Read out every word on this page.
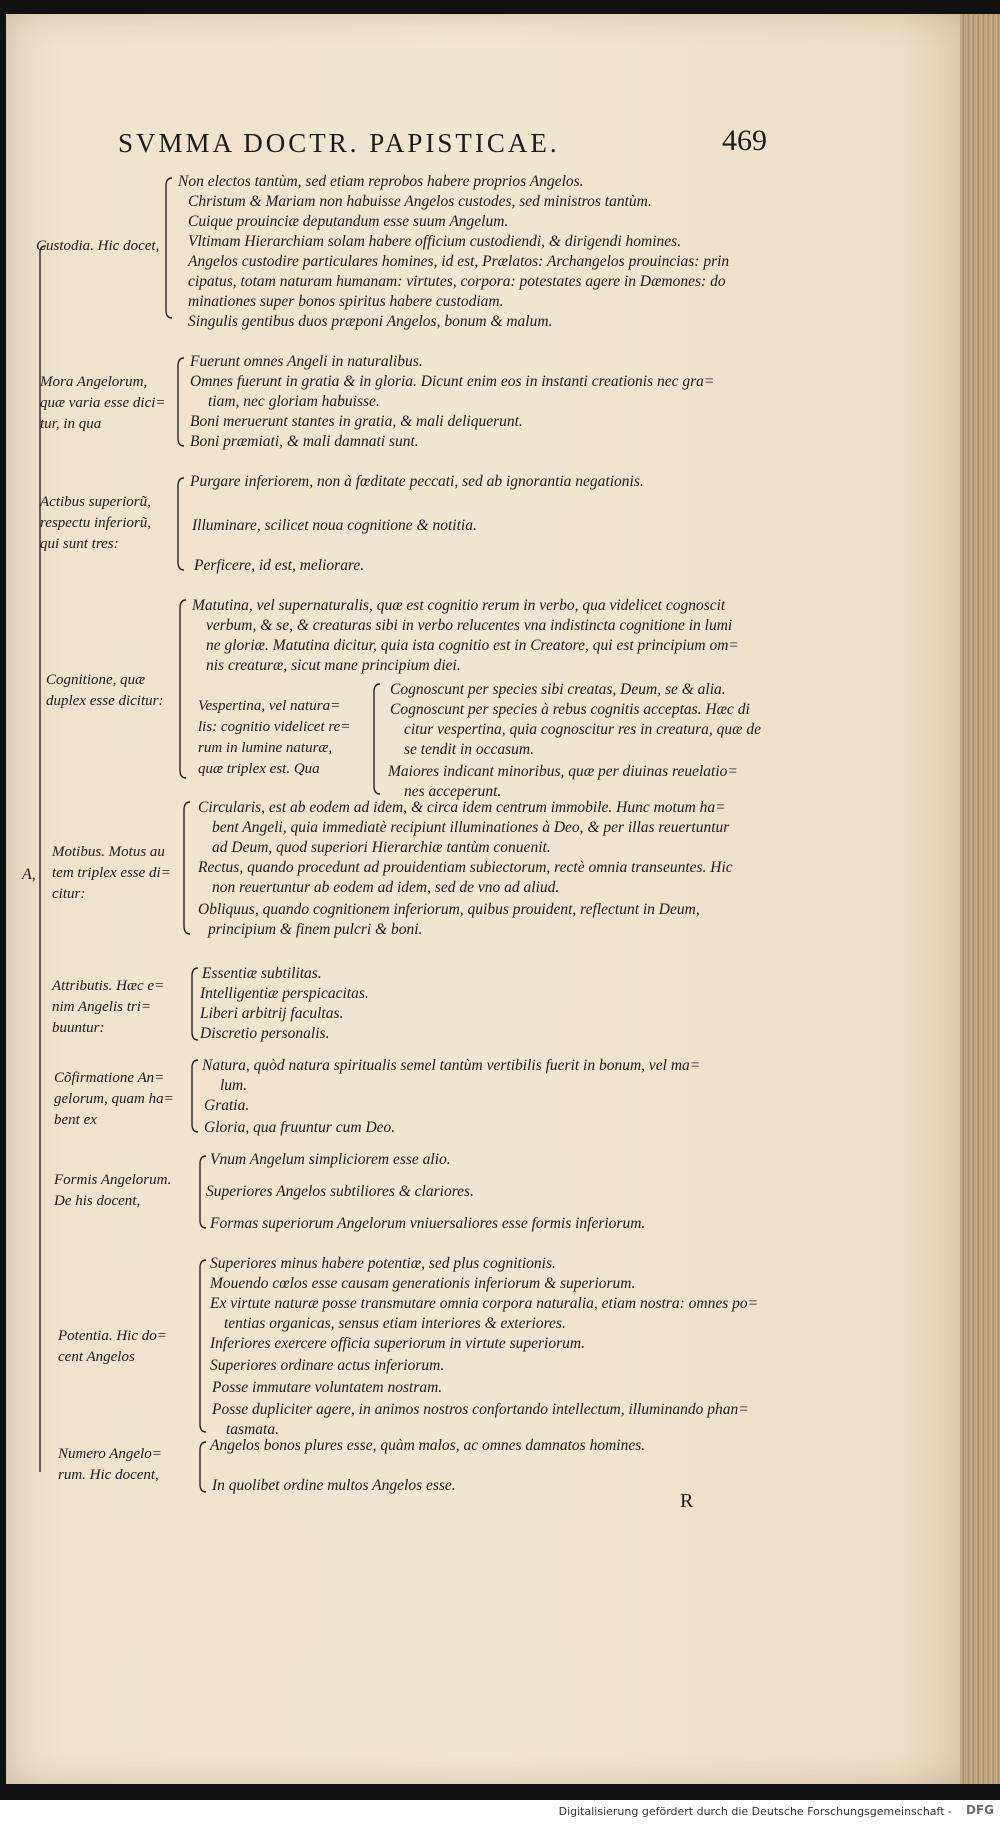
SVMMA DOCTR. PAPISTICAE.	469
A,
Custodia. Hic docet,
Non electos tantùm, sed etiam reprobos habere proprios Angelos.
Christum & Mariam non habuisse Angelos custodes, sed ministros tantùm.
Cuique prouinciæ deputandum esse suum Angelum.
Vltimam Hierarchiam solam habere officium custodiendi, & dirigendi homines.
Angelos custodire particulares homines, id est, Prælatos: Archangelos prouincias: prin
cipatus, totam naturam humanam: virtutes, corpora: potestates agere in Dæmones: do
minationes super bonos spiritus habere custodiam.
Singulis gentibus duos præponi Angelos, bonum & malum.
Mora Angelorum,
quæ varia esse dici=
tur, in qua
Fuerunt omnes Angeli in naturalibus.
Omnes fuerunt in gratia & in gloria. Dicunt enim eos in instanti creationis nec gra=
tiam, nec gloriam habuisse.
Boni meruerunt stantes in gratia, & mali deliquerunt.
Boni præmiati, & mali damnati sunt.
Actibus superiorũ,
respectu inferiorũ,
qui sunt tres:
Purgare inferiorem, non à fœditate peccati, sed ab ignorantia negationis.
Illuminare, scilicet noua cognitione & notitia.
Perficere, id est, meliorare.
Cognitione, quæ
duplex esse dicitur:
Matutina, vel supernaturalis, quæ est cognitio rerum in verbo, qua videlicet cognoscit
verbum, & se, & creaturas sibi in verbo relucentes vna indistincta cognitione in lumi
ne gloriæ. Matutina dicitur, quia ista cognitio est in Creatore, qui est principium om=
nis creaturæ, sicut mane principium diei.
Vespertina, vel natura=
lis: cognitio videlicet re=
rum in lumine naturæ,
quæ triplex est. Qua
Cognoscunt per species sibi creatas, Deum, se & alia.
Cognoscunt per species à rebus cognitis acceptas. Hæc di
citur vespertina, quia cognoscitur res in creatura, quæ de
se tendit in occasum.
Maiores indicant minoribus, quæ per diuinas reuelatio=
nes acceperunt.
Motibus. Motus au
tem triplex esse di=
citur:
Circularis, est ab eodem ad idem, & circa idem centrum immobile. Hunc motum ha=
bent Angeli, quia immediatè recipiunt illuminationes à Deo, & per illas reuertuntur
ad Deum, quod superiori Hierarchiæ tantùm conuenit.
Rectus, quando procedunt ad prouidentiam subiectorum, rectè omnia transeuntes. Hic
non reuertuntur ab eodem ad idem, sed de vno ad aliud.
Obliquus, quando cognitionem inferiorum, quibus prouident, reflectunt in Deum,
principium & finem pulcri & boni.
Attributis. Hæc e=
nim Angelis tri=
buuntur:
Essentiæ subtilitas.
Intelligentiæ perspicacitas.
Liberi arbitrij facultas.
Discretio personalis.
Cõfirmatione An=
gelorum, quam ha=
bent ex
Natura, quòd natura spiritualis semel tantùm vertibilis fuerit in bonum, vel ma=
lum.
Gratia.
Gloria, qua fruuntur cum Deo.
Formis Angelorum.
De his docent,
Vnum Angelum simpliciorem esse alio.
Superiores Angelos subtiliores & clariores.
Formas superiorum Angelorum vniuersaliores esse formis inferiorum.
Potentia. Hic do=
cent Angelos
Superiores minus habere potentiæ, sed plus cognitionis.
Mouendo cœlos esse causam generationis inferiorum & superiorum.
Ex virtute naturæ posse transmutare omnia corpora naturalia, etiam nostra: omnes po=
tentias organicas, sensus etiam interiores & exteriores.
Inferiores exercere officia superiorum in virtute superiorum.
Superiores ordinare actus inferiorum.
Posse immutare voluntatem nostram.
Posse dupliciter agere, in animos nostros confortando intellectum, illuminando phan=
tasmata.
Numero Angelo=
rum. Hic docent,
Angelos bonos plures esse, quàm malos, ac omnes damnatos homines.
In quolibet ordine multos Angelos esse.
R
Digitalisierung gefördert durch die Deutsche Forschungsgemeinschaft - DFG
